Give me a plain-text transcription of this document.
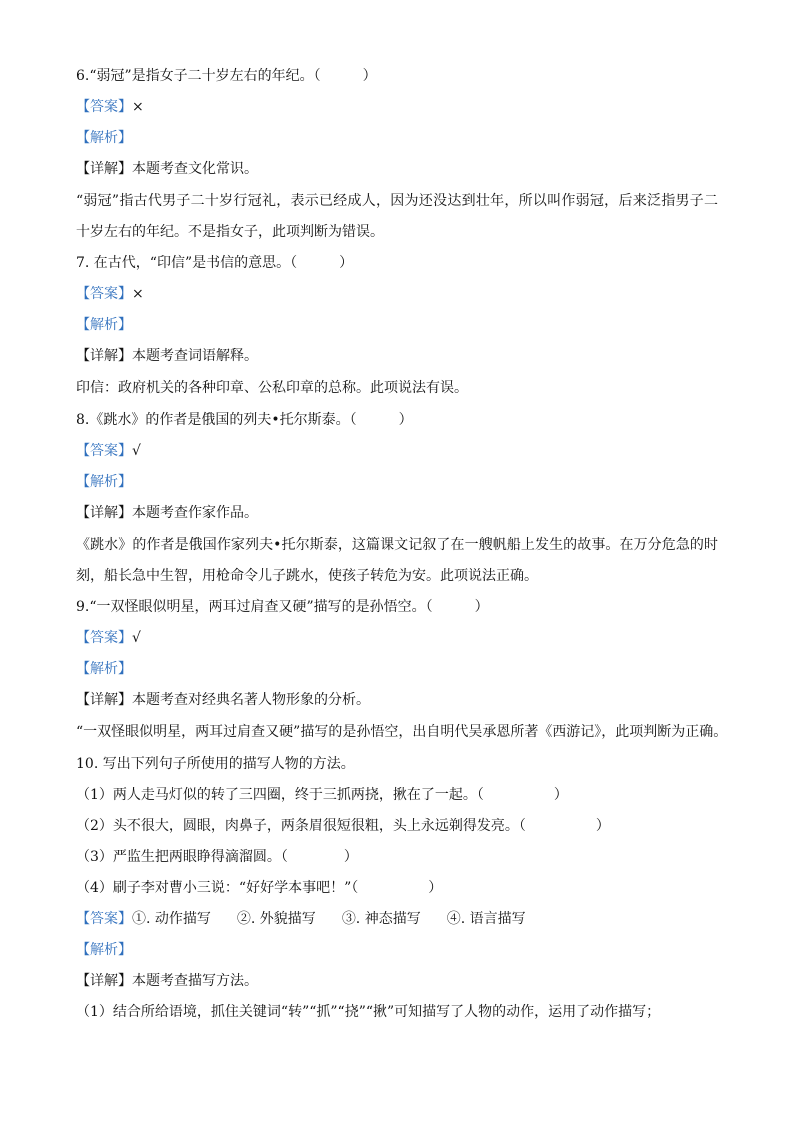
6.“弱冠”是指女子二十岁左右的年纪。（　　　）
【答案】×
【解析】
【详解】本题考查文化常识。
“弱冠”指古代男子二十岁行冠礼，表示已经成人，因为还没达到壮年，所以叫作弱冠，后来泛指男子二十岁左右的年纪。不是指女子，此项判断为错误。
7. 在古代，“印信”是书信的意思。（　　　）
【答案】×
【解析】
【详解】本题考查词语解释。
印信：政府机关的各种印章、公私印章的总称。此项说法有误。
8.《跳水》的作者是俄国的列夫•托尔斯泰。（　　　）
【答案】√
【解析】
【详解】本题考查作家作品。
《跳水》的作者是俄国作家列夫•托尔斯泰，这篇课文记叙了在一艘帆船上发生的故事。在万分危急的时刻，船长急中生智，用枪命令儿子跳水，使孩子转危为安。此项说法正确。
9.“一双怪眼似明星，两耳过肩查又硬”描写的是孙悟空。（　　　）
【答案】√
【解析】
【详解】本题考查对经典名著人物形象的分析。
“一双怪眼似明星，两耳过肩查又硬”描写的是孙悟空，出自明代吴承恩所著《西游记》，此项判断为正确。
10. 写出下列句子所使用的描写人物的方法。
（1）两人走马灯似的转了三四圈，终于三抓两挠，揪在了一起。（　　　　　）
（2）头不很大，圆眼，肉鼻子，两条眉很短很粗，头上永远剃得发亮。（　　　　　）
（3）严监生把两眼睁得滴溜圆。（　　　　）
（4）刷子李对曹小三说：“好好学本事吧！”（　　　　　）
【答案】①. 动作描写 ②. 外貌描写 ③. 神态描写 ④. 语言描写
【解析】
【详解】本题考查描写方法。
（1）结合所给语境，抓住关键词“转”“抓”“挠”“揪”可知描写了人物的动作，运用了动作描写；
